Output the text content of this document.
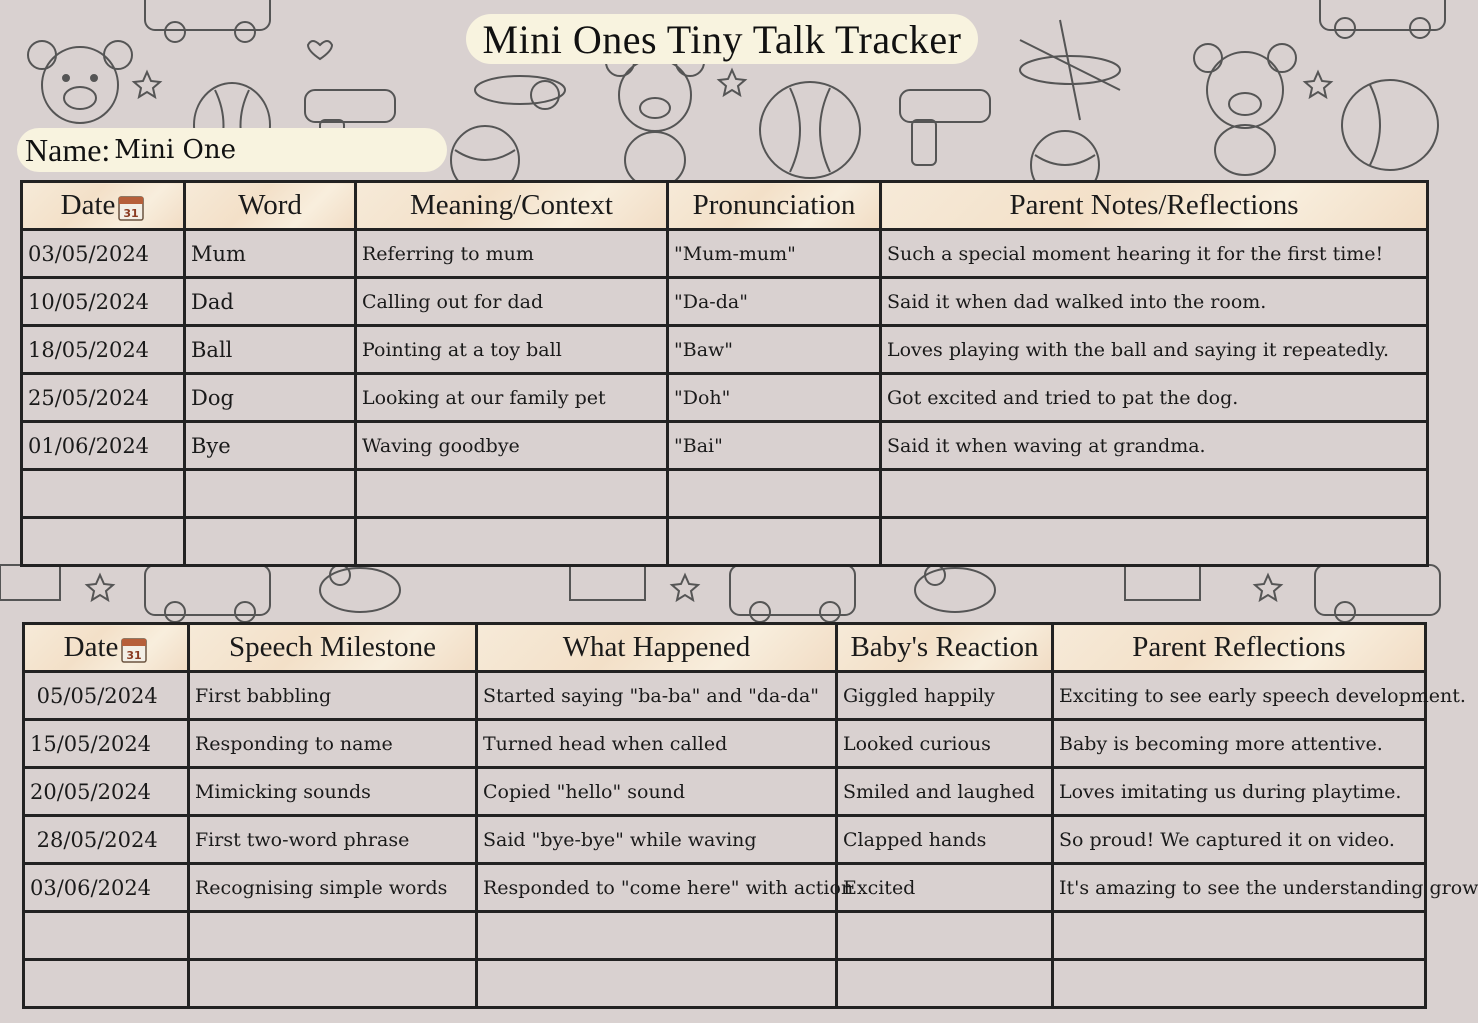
Mini Ones Tiny Talk Tracker
Name: Mini One
Date 31	Word	Meaning/Context	Pronunciation	Parent Notes/Reflections
03/05/2024	Mum	Referring to mum	"Mum-mum"	Such a special moment hearing it for the first time!
10/05/2024	Dad	Calling out for dad	"Da-da"	Said it when dad walked into the room.
18/05/2024	Ball	Pointing at a toy ball	"Baw"	Loves playing with the ball and saying it repeatedly.
25/05/2024	Dog	Looking at our family pet	"Doh"	Got excited and tried to pat the dog.
01/06/2024	Bye	Waving goodbye	"Bai"	Said it when waving at grandma.

Date 31	Speech Milestone	What Happened	Baby's Reaction	Parent Reflections
05/05/2024	First babbling	Started saying "ba-ba" and "da-da"	Giggled happily	Exciting to see early speech development.
15/05/2024	Responding to name	Turned head when called	Looked curious	Baby is becoming more attentive.
20/05/2024	Mimicking sounds	Copied "hello" sound	Smiled and laughed	Loves imitating us during playtime.
28/05/2024	First two-word phrase	Said "bye-bye" while waving	Clapped hands	So proud! We captured it on video.
03/06/2024	Recognising simple words	Responded to "come here" with action	Excited	It's amazing to see the understanding grow
